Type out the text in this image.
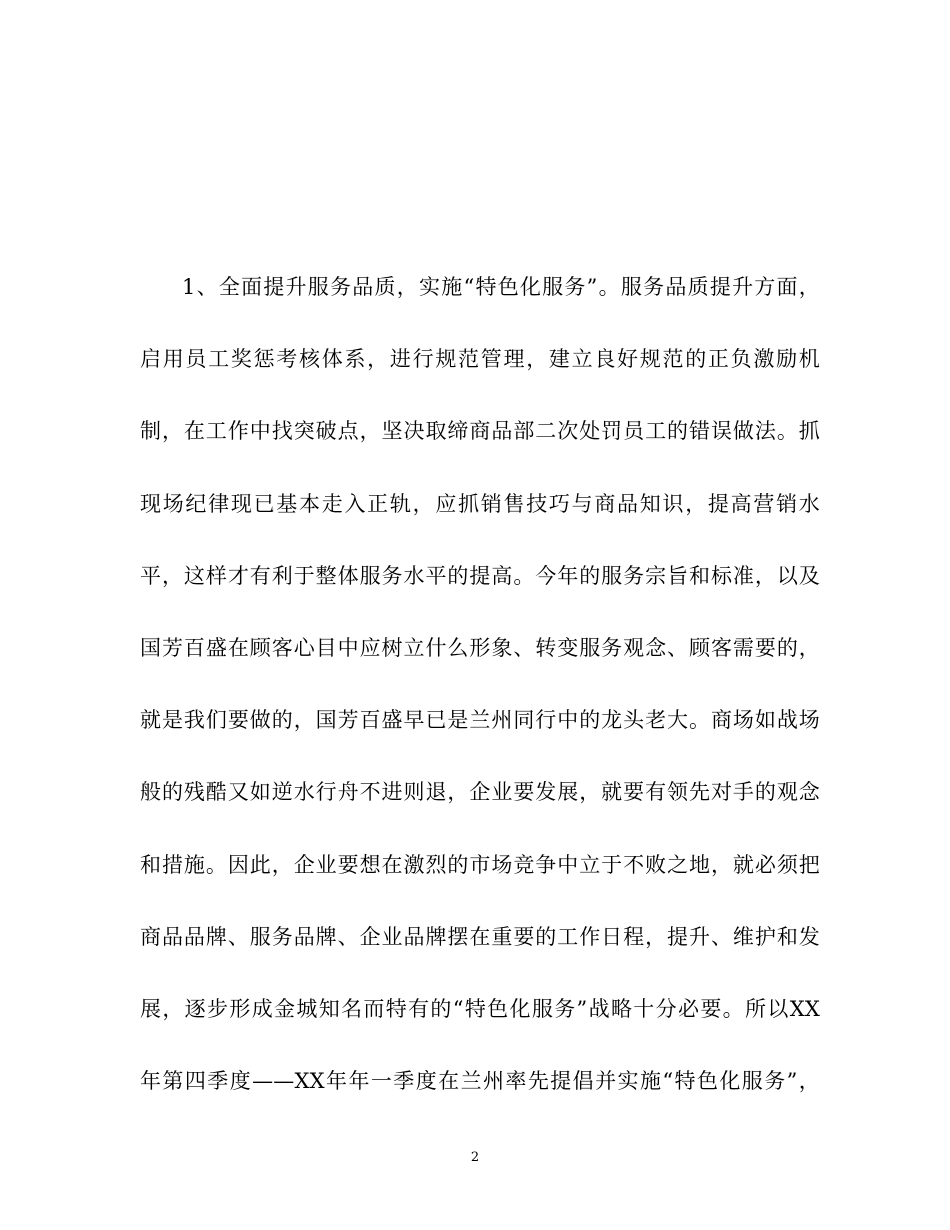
1、全面提升服务品质，实施“特色化服务”。服务品质提升方面，
启用员工奖惩考核体系，进行规范管理，建立良好规范的正负激励机
制，在工作中找突破点，坚决取缔商品部二次处罚员工的错误做法。抓
现场纪律现已基本走入正轨，应抓销售技巧与商品知识，提高营销水
平，这样才有利于整体服务水平的提高。今年的服务宗旨和标准，以及
国芳百盛在顾客心目中应树立什么形象、转变服务观念、顾客需要的，
就是我们要做的，国芳百盛早已是兰州同行中的龙头老大。商场如战场
般的残酷又如逆水行舟不进则退，企业要发展，就要有领先对手的观念
和措施。因此，企业要想在激烈的市场竞争中立于不败之地，就必须把
商品品牌、服务品牌、企业品牌摆在重要的工作日程，提升、维护和发
展，逐步形成金城知名而特有的“特色化服务”战略十分必要。所以XX
年第四季度——XX年年一季度在兰州率先提倡并实施“特色化服务”，
2
